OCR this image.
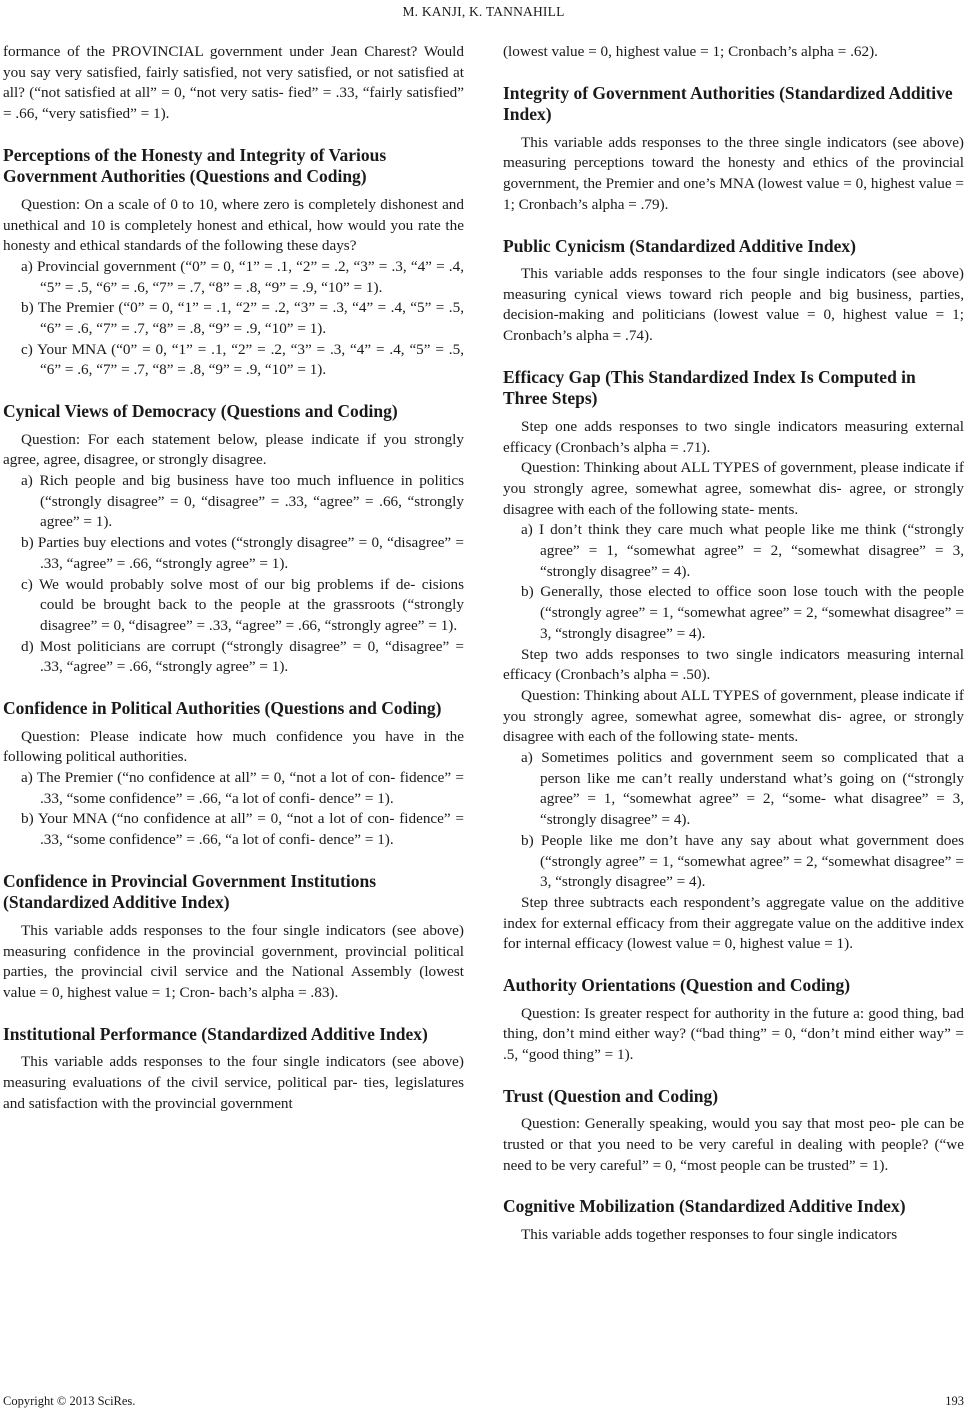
M. KANJI, K. TANNAHILL

formance of the PROVINCIAL government under Jean Charest? Would you say very satisfied, fairly satisfied, not very satisfied, or not satisfied at all? (“not satisfied at all” = 0, “not very satis- fied” = .33, “fairly satisfied” = .66, “very satisfied” = 1).

Perceptions of the Honesty and Integrity of Various Government Authorities (Questions and Coding)

Question: On a scale of 0 to 10, where zero is completely dishonest and unethical and 10 is completely honest and ethical, how would you rate the honesty and ethical standards of the following these days?

a) Provincial government (“0” = 0, “1” = .1, “2” = .2, “3” = .3, “4” = .4, “5” = .5, “6” = .6, “7” = .7, “8” = .8, “9” = .9, “10” = 1).

b) The Premier (“0” = 0, “1” = .1, “2” = .2, “3” = .3, “4” = .4, “5” = .5, “6” = .6, “7” = .7, “8” = .8, “9” = .9, “10” = 1).

c) Your MNA (“0” = 0, “1” = .1, “2” = .2, “3” = .3, “4” = .4, “5” = .5, “6” = .6, “7” = .7, “8” = .8, “9” = .9, “10” = 1).

Cynical Views of Democracy (Questions and Coding)

Question: For each statement below, please indicate if you strongly agree, agree, disagree, or strongly disagree.

a) Rich people and big business have too much influence in politics (“strongly disagree” = 0, “disagree” = .33, “agree” = .66, “strongly agree” = 1).

b) Parties buy elections and votes (“strongly disagree” = 0, “disagree” = .33, “agree” = .66, “strongly agree” = 1).

c) We would probably solve most of our big problems if de- cisions could be brought back to the people at the grassroots (“strongly disagree” = 0, “disagree” = .33, “agree” = .66, “strongly agree” = 1).

d) Most politicians are corrupt (“strongly disagree” = 0, “disagree” = .33, “agree” = .66, “strongly agree” = 1).

Confidence in Political Authorities (Questions and Coding)

Question: Please indicate how much confidence you have in the following political authorities.

a) The Premier (“no confidence at all” = 0, “not a lot of con- fidence” = .33, “some confidence” = .66, “a lot of confi- dence” = 1).

b) Your MNA (“no confidence at all” = 0, “not a lot of con- fidence” = .33, “some confidence” = .66, “a lot of confi- dence” = 1).

Confidence in Provincial Government Institutions (Standardized Additive Index)

This variable adds responses to the four single indicators (see above) measuring confidence in the provincial government, provincial political parties, the provincial civil service and the National Assembly (lowest value = 0, highest value = 1; Cron- bach’s alpha = .83).

Institutional Performance (Standardized Additive Index)

This variable adds responses to the four single indicators (see above) measuring evaluations of the civil service, political par- ties, legislatures and satisfaction with the provincial government

(lowest value = 0, highest value = 1; Cronbach’s alpha = .62).

Integrity of Government Authorities (Standardized Additive Index)

This variable adds responses to the three single indicators (see above) measuring perceptions toward the honesty and ethics of the provincial government, the Premier and one’s MNA (lowest value = 0, highest value = 1; Cronbach’s alpha = .79).

Public Cynicism (Standardized Additive Index)

This variable adds responses to the four single indicators (see above) measuring cynical views toward rich people and big business, parties, decision-making and politicians (lowest value = 0, highest value = 1; Cronbach’s alpha = .74).

Efficacy Gap (This Standardized Index Is Computed in Three Steps)

Step one adds responses to two single indicators measuring external efficacy (Cronbach’s alpha = .71).

Question: Thinking about ALL TYPES of government, please indicate if you strongly agree, somewhat agree, somewhat dis- agree, or strongly disagree with each of the following state- ments.

a) I don’t think they care much what people like me think (“strongly agree” = 1, “somewhat agree” = 2, “somewhat disagree” = 3, “strongly disagree” = 4).

b) Generally, those elected to office soon lose touch with the people (“strongly agree” = 1, “somewhat agree” = 2, “somewhat disagree” = 3, “strongly disagree” = 4).

Step two adds responses to two single indicators measuring internal efficacy (Cronbach’s alpha = .50).

Question: Thinking about ALL TYPES of government, please indicate if you strongly agree, somewhat agree, somewhat dis- agree, or strongly disagree with each of the following state- ments.

a) Sometimes politics and government seem so complicated that a person like me can’t really understand what’s going on (“strongly agree” = 1, “somewhat agree” = 2, “some- what disagree” = 3, “strongly disagree” = 4).

b) People like me don’t have any say about what government does (“strongly agree” = 1, “somewhat agree” = 2, “somewhat disagree” = 3, “strongly disagree” = 4).

Step three subtracts each respondent’s aggregate value on the additive index for external efficacy from their aggregate value on the additive index for internal efficacy (lowest value = 0, highest value = 1).

Authority Orientations (Question and Coding)

Question: Is greater respect for authority in the future a: good thing, bad thing, don’t mind either way? (“bad thing” = 0, “don’t mind either way” = .5, “good thing” = 1).

Trust (Question and Coding)

Question: Generally speaking, would you say that most peo- ple can be trusted or that you need to be very careful in dealing with people? (“we need to be very careful” = 0, “most people can be trusted” = 1).

Cognitive Mobilization (Standardized Additive Index)

This variable adds together responses to four single indicators

Copyright © 2013 SciRes.	193
